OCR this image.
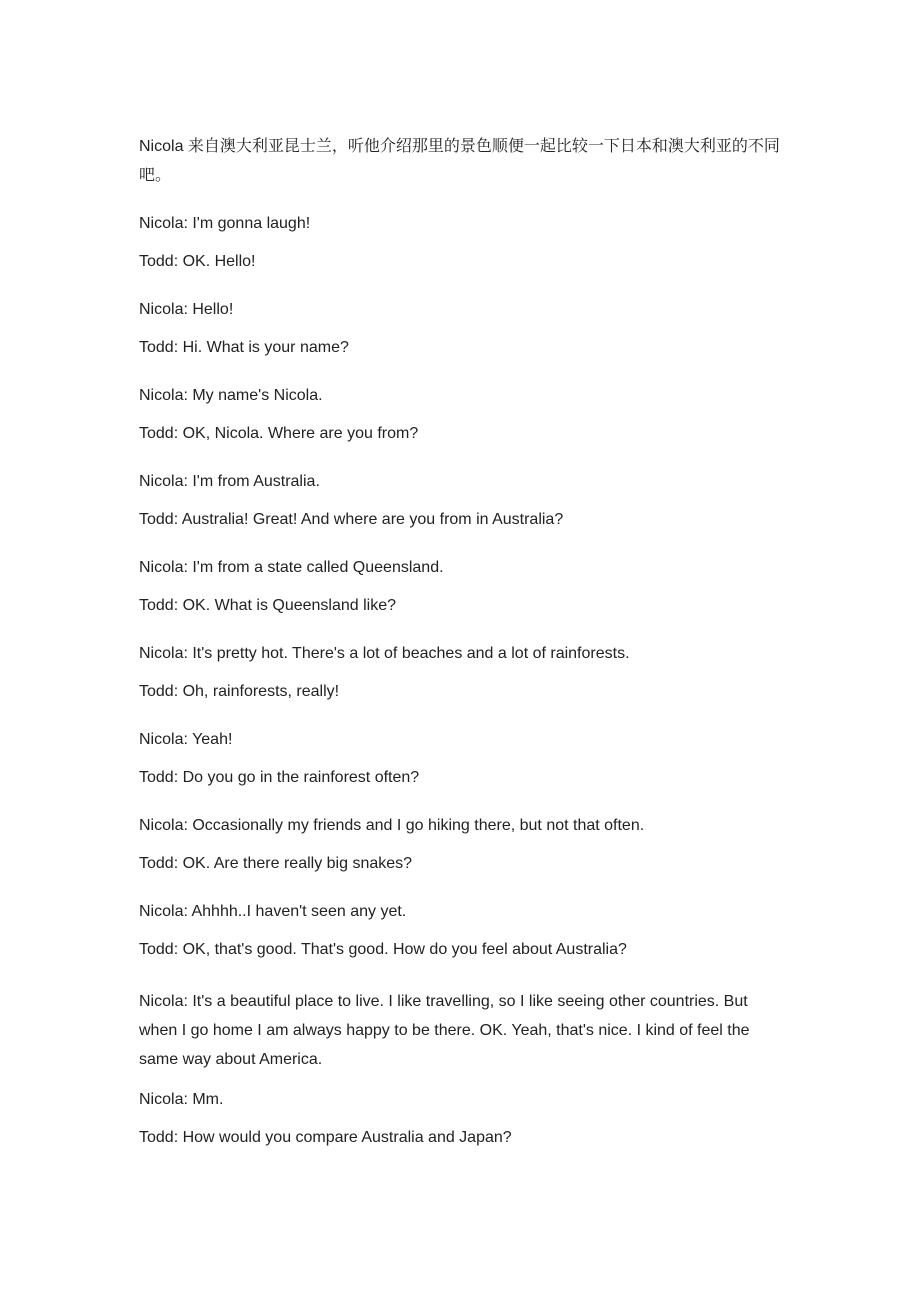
Nicola 来自澳大利亚昆士兰，听他介绍那里的景色顺便一起比较一下日本和澳大利亚的不同吧。

Nicola: I'm gonna laugh!

Todd: OK. Hello!

Nicola: Hello!

Todd: Hi. What is your name?

Nicola: My name's Nicola.

Todd: OK, Nicola. Where are you from?

Nicola: I'm from Australia.

Todd: Australia! Great! And where are you from in Australia?

Nicola: I'm from a state called Queensland.

Todd: OK. What is Queensland like?

Nicola: It's pretty hot. There's a lot of beaches and a lot of rainforests.

Todd: Oh, rainforests, really!

Nicola: Yeah!

Todd: Do you go in the rainforest often?

Nicola: Occasionally my friends and I go hiking there, but not that often.

Todd: OK. Are there really big snakes?

Nicola: Ahhhh..I haven't seen any yet.

Todd: OK, that's good. That's good. How do you feel about Australia?

Nicola: It's a beautiful place to live. I like travelling, so I like seeing other countries. But when I go home I am always happy to be there. OK. Yeah, that's nice. I kind of feel the same way about America.

Nicola: Mm.

Todd: How would you compare Australia and Japan?
